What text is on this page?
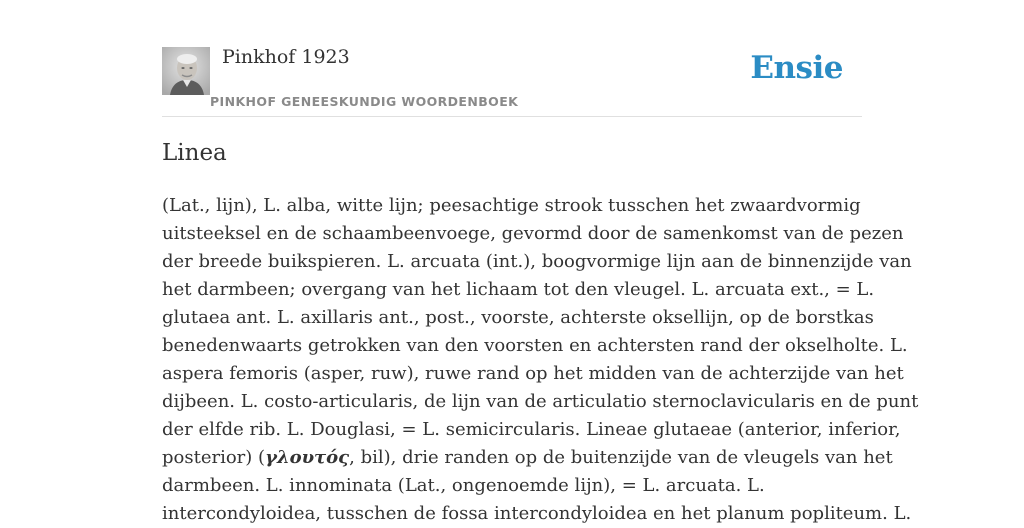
Pinkhof 1923
PINKHOF GENEESKUNDIG WOORDENBOEK
Ensie
Linea
(Lat., lijn), L. alba, witte lijn; peesachtige strook tusschen het zwaardvormig
uitsteeksel en de schaambeenvoege, gevormd door de samenkomst van de pezen
der breede buikspieren. L. arcuata (int.), boogvormige lijn aan de binnenzijde van
het darmbeen; overgang van het lichaam tot den vleugel. L. arcuata ext., = L.
glutaea ant. L. axillaris ant., post., voorste, achterste oksellijn, op de borstkas
benedenwaarts getrokken van den voorsten en achtersten rand der okselholte. L.
aspera femoris (asper, ruw), ruwe rand op het midden van de achterzijde van het
dijbeen. L. costo-articularis, de lijn van de articulatio sternoclavicularis en de punt
der elfde rib. L. Douglasi, = L. semicircularis. Lineae glutaeae (anterior, inferior,
posterior) (γλουτός, bil), drie randen op de buitenzijde van de vleugels van het
darmbeen. L. innominata (Lat., ongenoemde lijn), = L. arcuata. L.
intercondyloidea, tusschen de fossa intercondyloidea en het planum popliteum. L.
